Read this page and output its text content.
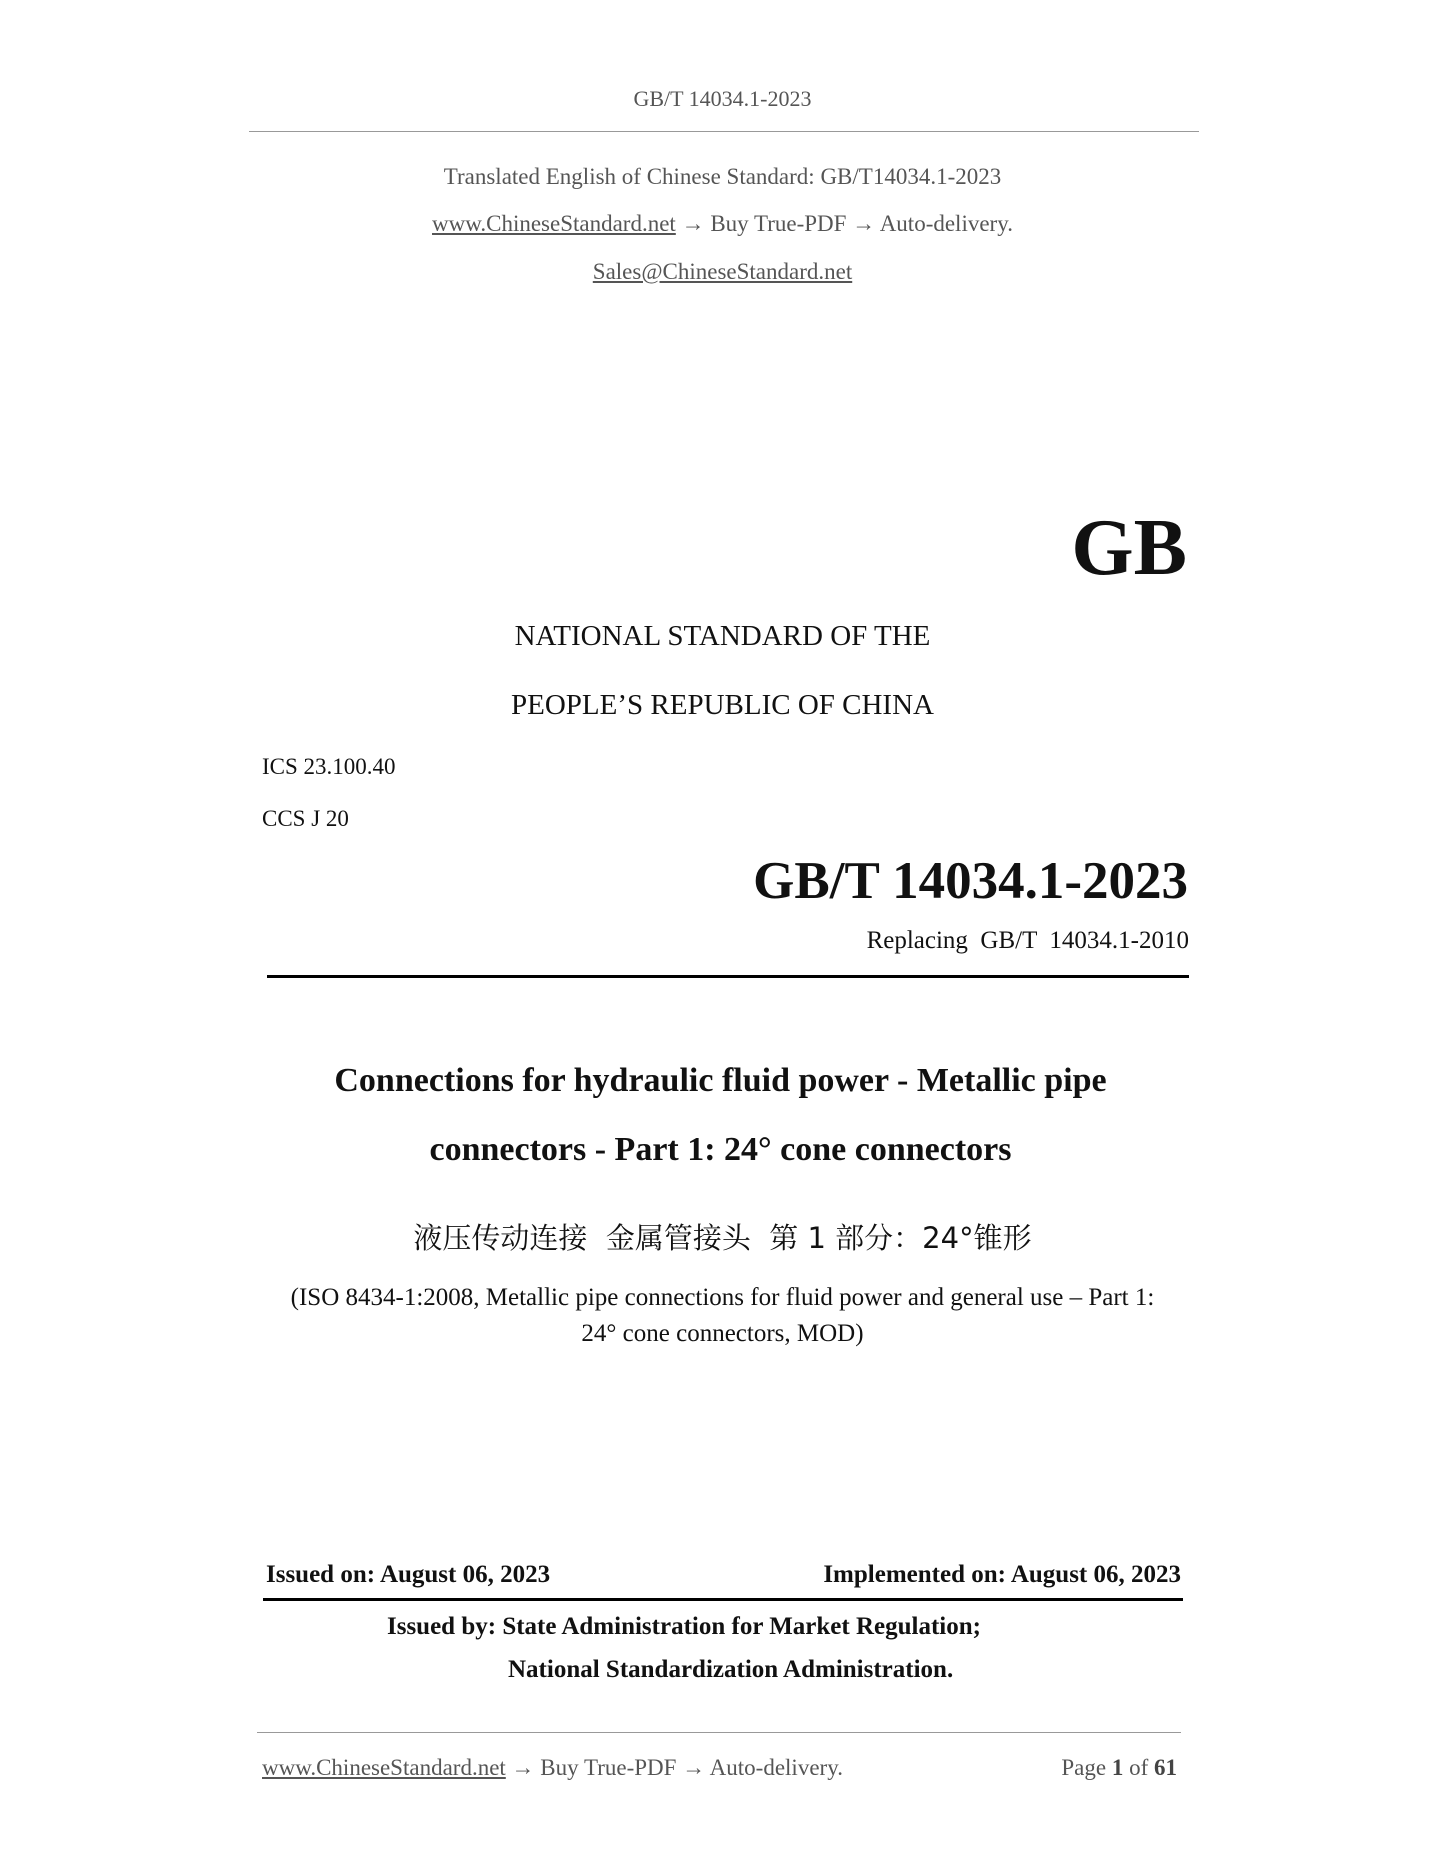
GB/T 14034.1-2023
Translated English of Chinese Standard: GB/T14034.1-2023
www.ChineseStandard.net → Buy True-PDF → Auto-delivery.
Sales@ChineseStandard.net
GB
NATIONAL STANDARD OF THE
PEOPLE’S REPUBLIC OF CHINA
ICS 23.100.40
CCS J 20
GB/T 14034.1-2023
Replacing  GB/T  14034.1-2010
Connections for hydraulic fluid power - Metallic pipe
connectors - Part 1: 24° cone connectors
液压传动连接  金属管接头  第 1 部分：24°锥形
(ISO 8434-1:2008, Metallic pipe connections for fluid power and general use – Part 1:
24° cone connectors, MOD)
Issued on: August 06, 2023	Implemented on: August 06, 2023
Issued by: State Administration for Market Regulation;
National Standardization Administration.
www.ChineseStandard.net → Buy True-PDF → Auto-delivery.	Page 1 of 61
